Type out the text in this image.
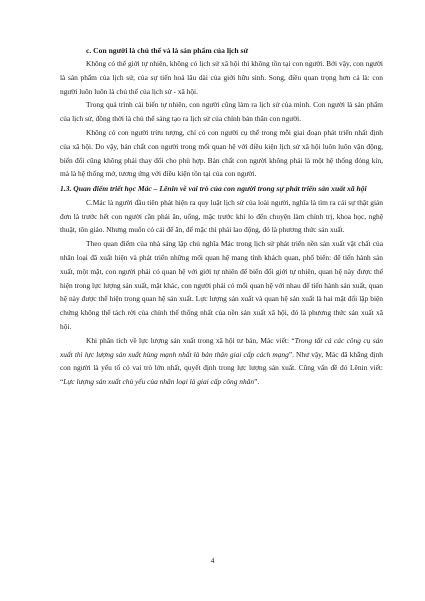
c. Con người là chủ thể và là sản phẩm của lịch sử

Không có thế giới tự nhiên, không có lịch sử xã hội thì không tồn tại con người. Bởi vậy, con người là sản phẩm của lịch sử, của sự tiến hoá lâu dài của giới hữu sinh. Song, điều quan trọng hơn cả là: con người luôn luôn là chủ thể của lịch sử - xã hội.

Trong quá trình cải biến tự nhiên, con người cũng làm ra lịch sử của mình. Con người là sản phẩm của lịch sử, đồng thời là chủ thể sáng tạo ra lịch sử của chính bản thân con người.

Không có con người trừu tượng, chỉ có con người cụ thể trong mỗi giai đoạn phát triển nhất định của xã hội. Do vậy, bản chất con người trong mối quan hệ với điều kiện lịch sử xã hội luôn luôn vận động, biến đổi cũng không phải thay đổi cho phù hợp. Bản chất con người không phải là một hệ thống đóng kín, mà là hệ thống mở, tương ứng với điều kiện tồn tại của con người.

1.3. Quan điểm triết học Mác – Lênin về vai trò của con người trong sự phát triển sản xuất xã hội

C.Mác là người đầu tiên phát hiện ra quy luật lịch sử của loài người, nghĩa là tìm ra cái sự thật giản đơn là trước hết con người cần phải ăn, uống, mặc trước khi lo đến chuyện làm chính trị, khoa học, nghệ thuật, tôn giáo. Nhưng muốn có cái để ăn, để mặc thì phải lao động, đó là phương thức sản xuất.

Theo quan điểm của nhà sáng lập chủ nghĩa Mác trong lịch sử phát triển nền sản xuất vật chất của nhân loại đã xuất hiện và phát triển những mối quan hệ mang tính khách quan, phổ biến: để tiến hành sản xuất, một mặt, con người phải có quan hệ với giới tự nhiên để biến đổi giới tự nhiên, quan hệ này được thể hiện trong lực lượng sản xuất, mặt khác, con người phải có mối quan hệ với nhau để tiến hành sản xuất, quan hệ này được thể hiện trong quan hệ sản xuất. Lực lượng sản xuất và quan hệ sản xuất là hai mặt đối lập biện chứng không thể tách rời của chính thể thống nhất của nền sản xuất xã hội, đó là phương thức sản xuất xã hội.

Khi phân tích về lực lượng sản xuất trong xã hội tư bản, Mác viết: “Trong tất cả các công cụ sản xuất thì lực lượng sản xuất hùng mạnh nhất là bản thân giai cấp cách mạng”. Như vậy, Mác đã khẳng định con người là yếu tố có vai trò lớn nhất, quyết định trong lực lượng sản xuất. Cũng vấn đề đó Lênin viết: “Lực lượng sản xuất chủ yếu của nhân loại là giai cấp công nhân”.

4
